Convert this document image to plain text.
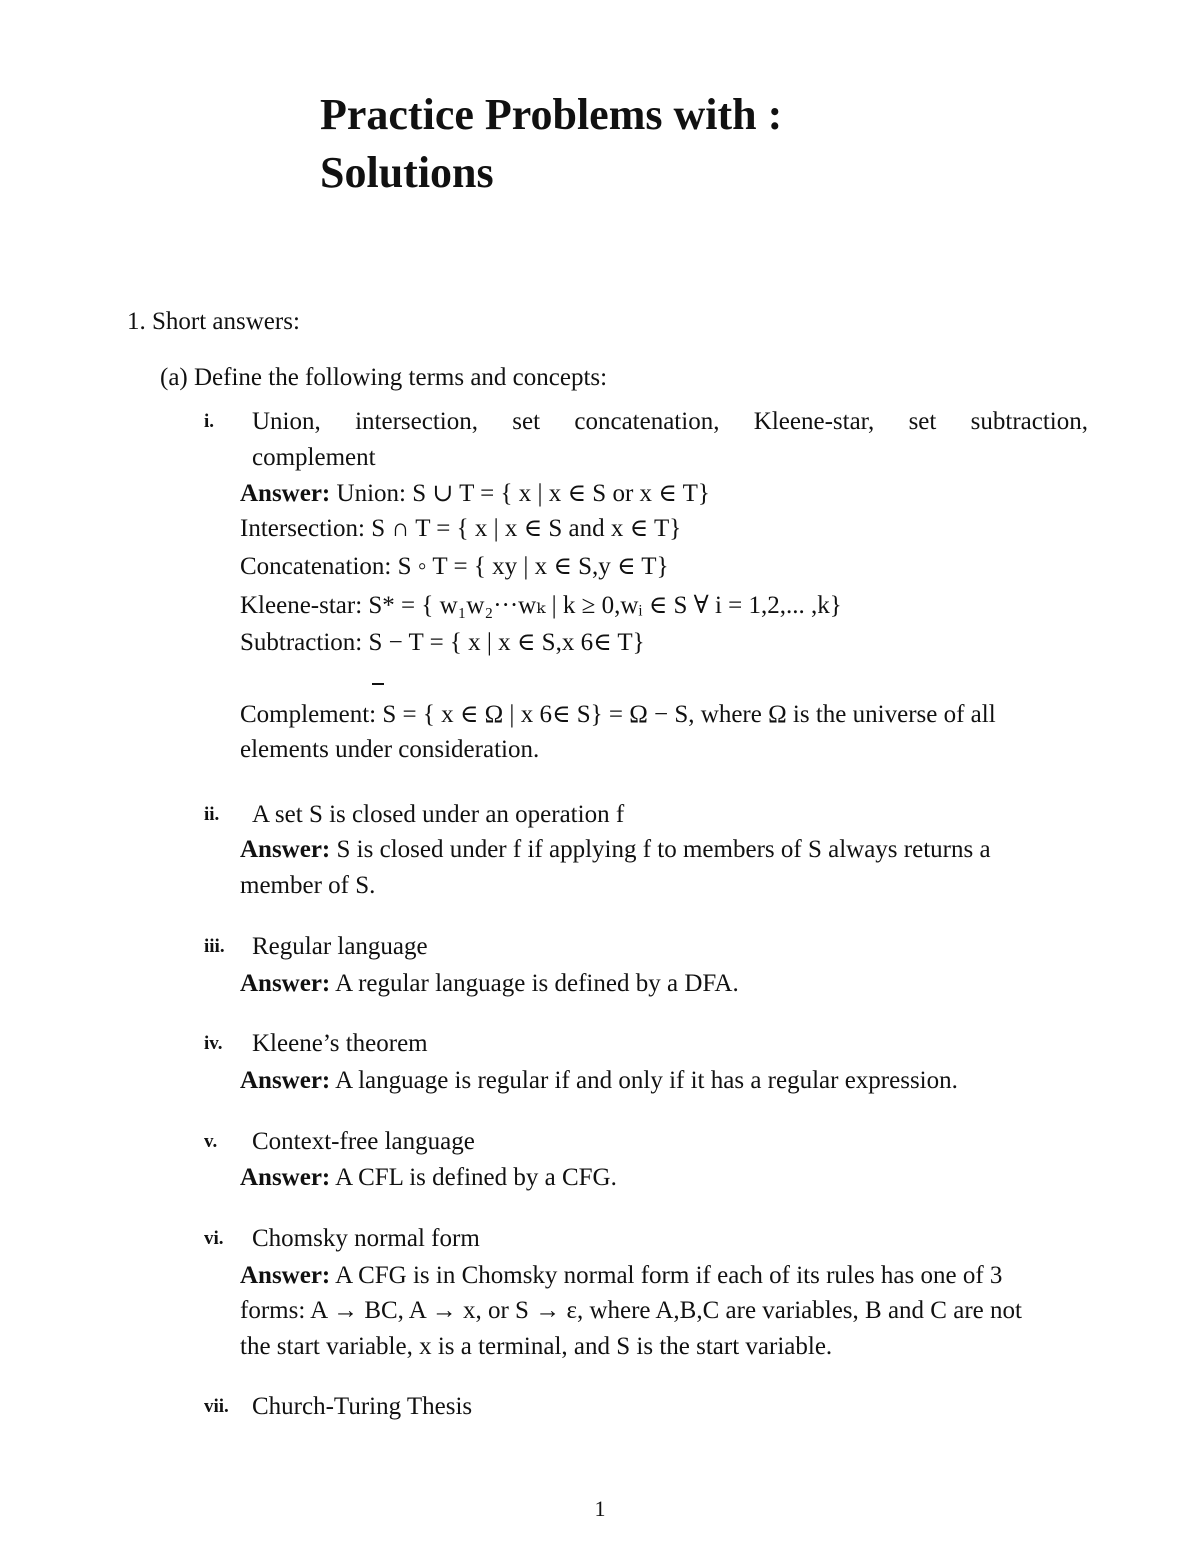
Practice Problems with :
Solutions
1. Short answers:
(a) Define the following terms and concepts:
i. Union, intersection, set concatenation, Kleene-star, set subtraction,
complement
Answer: Union: S ∪ T = { x | x ∈ S or x ∈ T}
Intersection: S ∩ T = { x | x ∈ S and x ∈ T}
Concatenation: S ◦ T = { xy | x ∈ S,y ∈ T}
Kleene-star: S* = { w₁w₂···wₖ | k ≥ 0,wᵢ ∈ S ∀ i = 1,2,... ,k}
Subtraction: S − T = { x | x ∈ S,x 6∈ T}
Complement: S = { x ∈ Ω | x 6∈ S} = Ω − S, where Ω is the universe of all
elements under consideration.
ii. A set S is closed under an operation f
Answer: S is closed under f if applying f to members of S always returns a
member of S.
iii. Regular language
Answer: A regular language is defined by a DFA.
iv. Kleene’s theorem
Answer: A language is regular if and only if it has a regular expression.
v. Context-free language
Answer: A CFL is defined by a CFG.
vi. Chomsky normal form
Answer: A CFG is in Chomsky normal form if each of its rules has one of 3
forms: A → BC, A → x, or S → ε, where A,B,C are variables, B and C are not
the start variable, x is a terminal, and S is the start variable.
vii. Church-Turing Thesis
1
